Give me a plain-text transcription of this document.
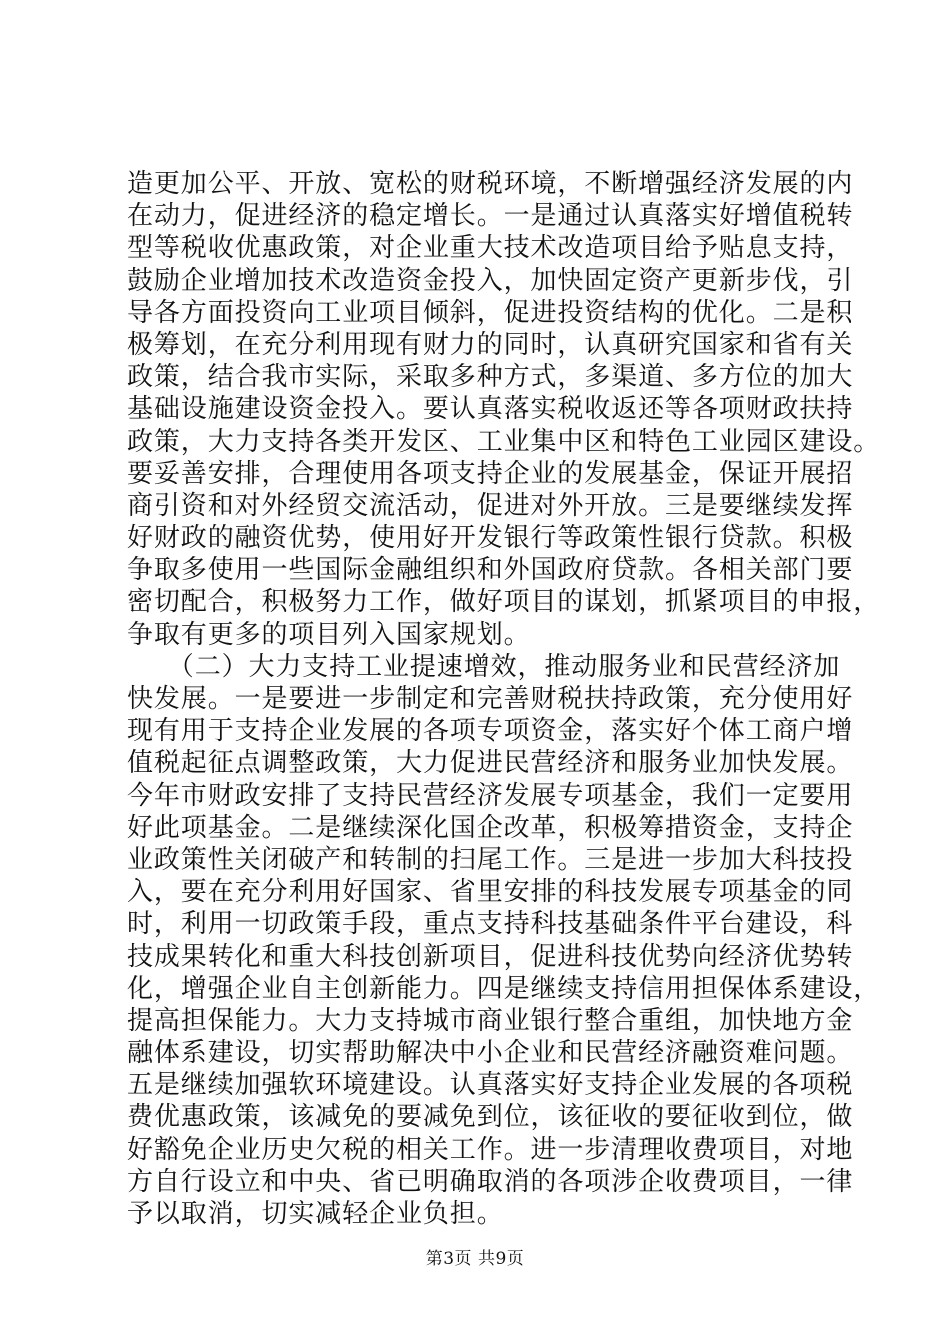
造更加公平、开放、宽松的财税环境，不断增强经济发展的内
在动力，促进经济的稳定增长。一是通过认真落实好增值税转
型等税收优惠政策，对企业重大技术改造项目给予贴息支持，
鼓励企业增加技术改造资金投入，加快固定资产更新步伐，引
导各方面投资向工业项目倾斜，促进投资结构的优化。二是积
极筹划，在充分利用现有财力的同时，认真研究国家和省有关
政策，结合我市实际，采取多种方式，多渠道、多方位的加大
基础设施建设资金投入。要认真落实税收返还等各项财政扶持
政策，大力支持各类开发区、工业集中区和特色工业园区建设。
要妥善安排，合理使用各项支持企业的发展基金，保证开展招
商引资和对外经贸交流活动，促进对外开放。三是要继续发挥
好财政的融资优势，使用好开发银行等政策性银行贷款。积极
争取多使用一些国际金融组织和外国政府贷款。各相关部门要
密切配合，积极努力工作，做好项目的谋划，抓紧项目的申报，
争取有更多的项目列入国家规划。
　　（二）大力支持工业提速增效，推动服务业和民营经济加
快发展。一是要进一步制定和完善财税扶持政策，充分使用好
现有用于支持企业发展的各项专项资金，落实好个体工商户增
值税起征点调整政策，大力促进民营经济和服务业加快发展。
今年市财政安排了支持民营经济发展专项基金，我们一定要用
好此项基金。二是继续深化国企改革，积极筹措资金，支持企
业政策性关闭破产和转制的扫尾工作。三是进一步加大科技投
入，要在充分利用好国家、省里安排的科技发展专项基金的同
时，利用一切政策手段，重点支持科技基础条件平台建设，科
技成果转化和重大科技创新项目，促进科技优势向经济优势转
化，增强企业自主创新能力。四是继续支持信用担保体系建设，
提高担保能力。大力支持城市商业银行整合重组，加快地方金
融体系建设，切实帮助解决中小企业和民营经济融资难问题。
五是继续加强软环境建设。认真落实好支持企业发展的各项税
费优惠政策，该减免的要减免到位，该征收的要征收到位，做
好豁免企业历史欠税的相关工作。进一步清理收费项目，对地
方自行设立和中央、省已明确取消的各项涉企收费项目，一律
予以取消，切实减轻企业负担。
第3页 共9页
